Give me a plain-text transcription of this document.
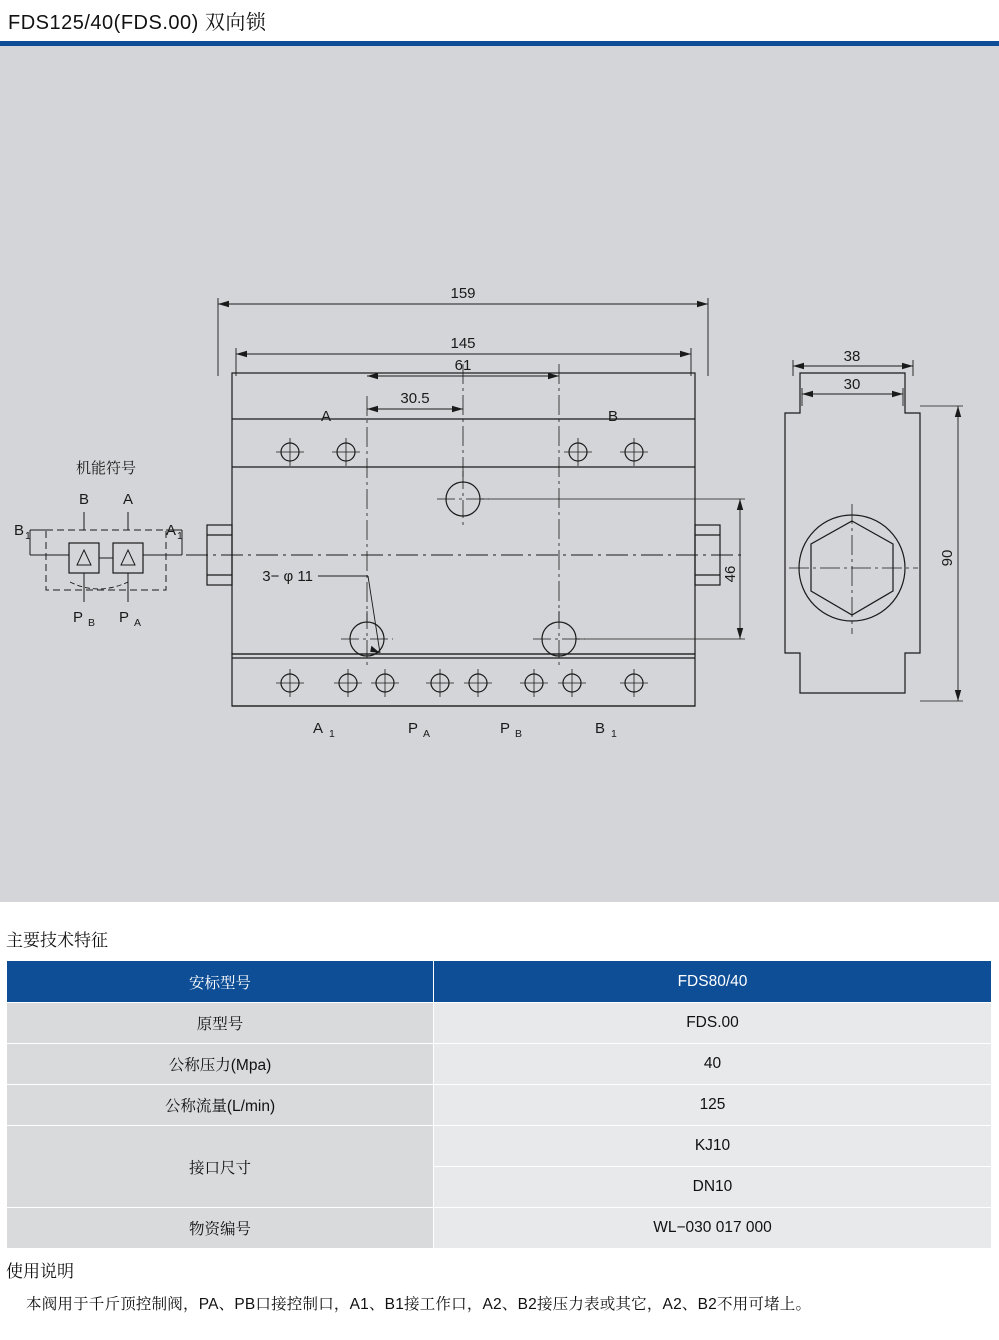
FDS125/40(FDS.00) 双向锁
159
145
61
30.5
46
38
30
90
3− φ 11
A	B
A 1	P A	P B	B 1
机能符号
B A
B 1	A 1
P B P A
主要技术特征
安标型号	FDS80/40
原型号	FDS.00
公称压力(Mpa)	40
公称流量(L/min)	125
接口尺寸	KJ10
	DN10
物资编号	WL−030 017 000
使用说明
本阀用于千斤顶控制阀，PA、PB口接控制口，A1、B1接工作口，A2、B2接压力表或其它，A2、B2不用可堵上。
